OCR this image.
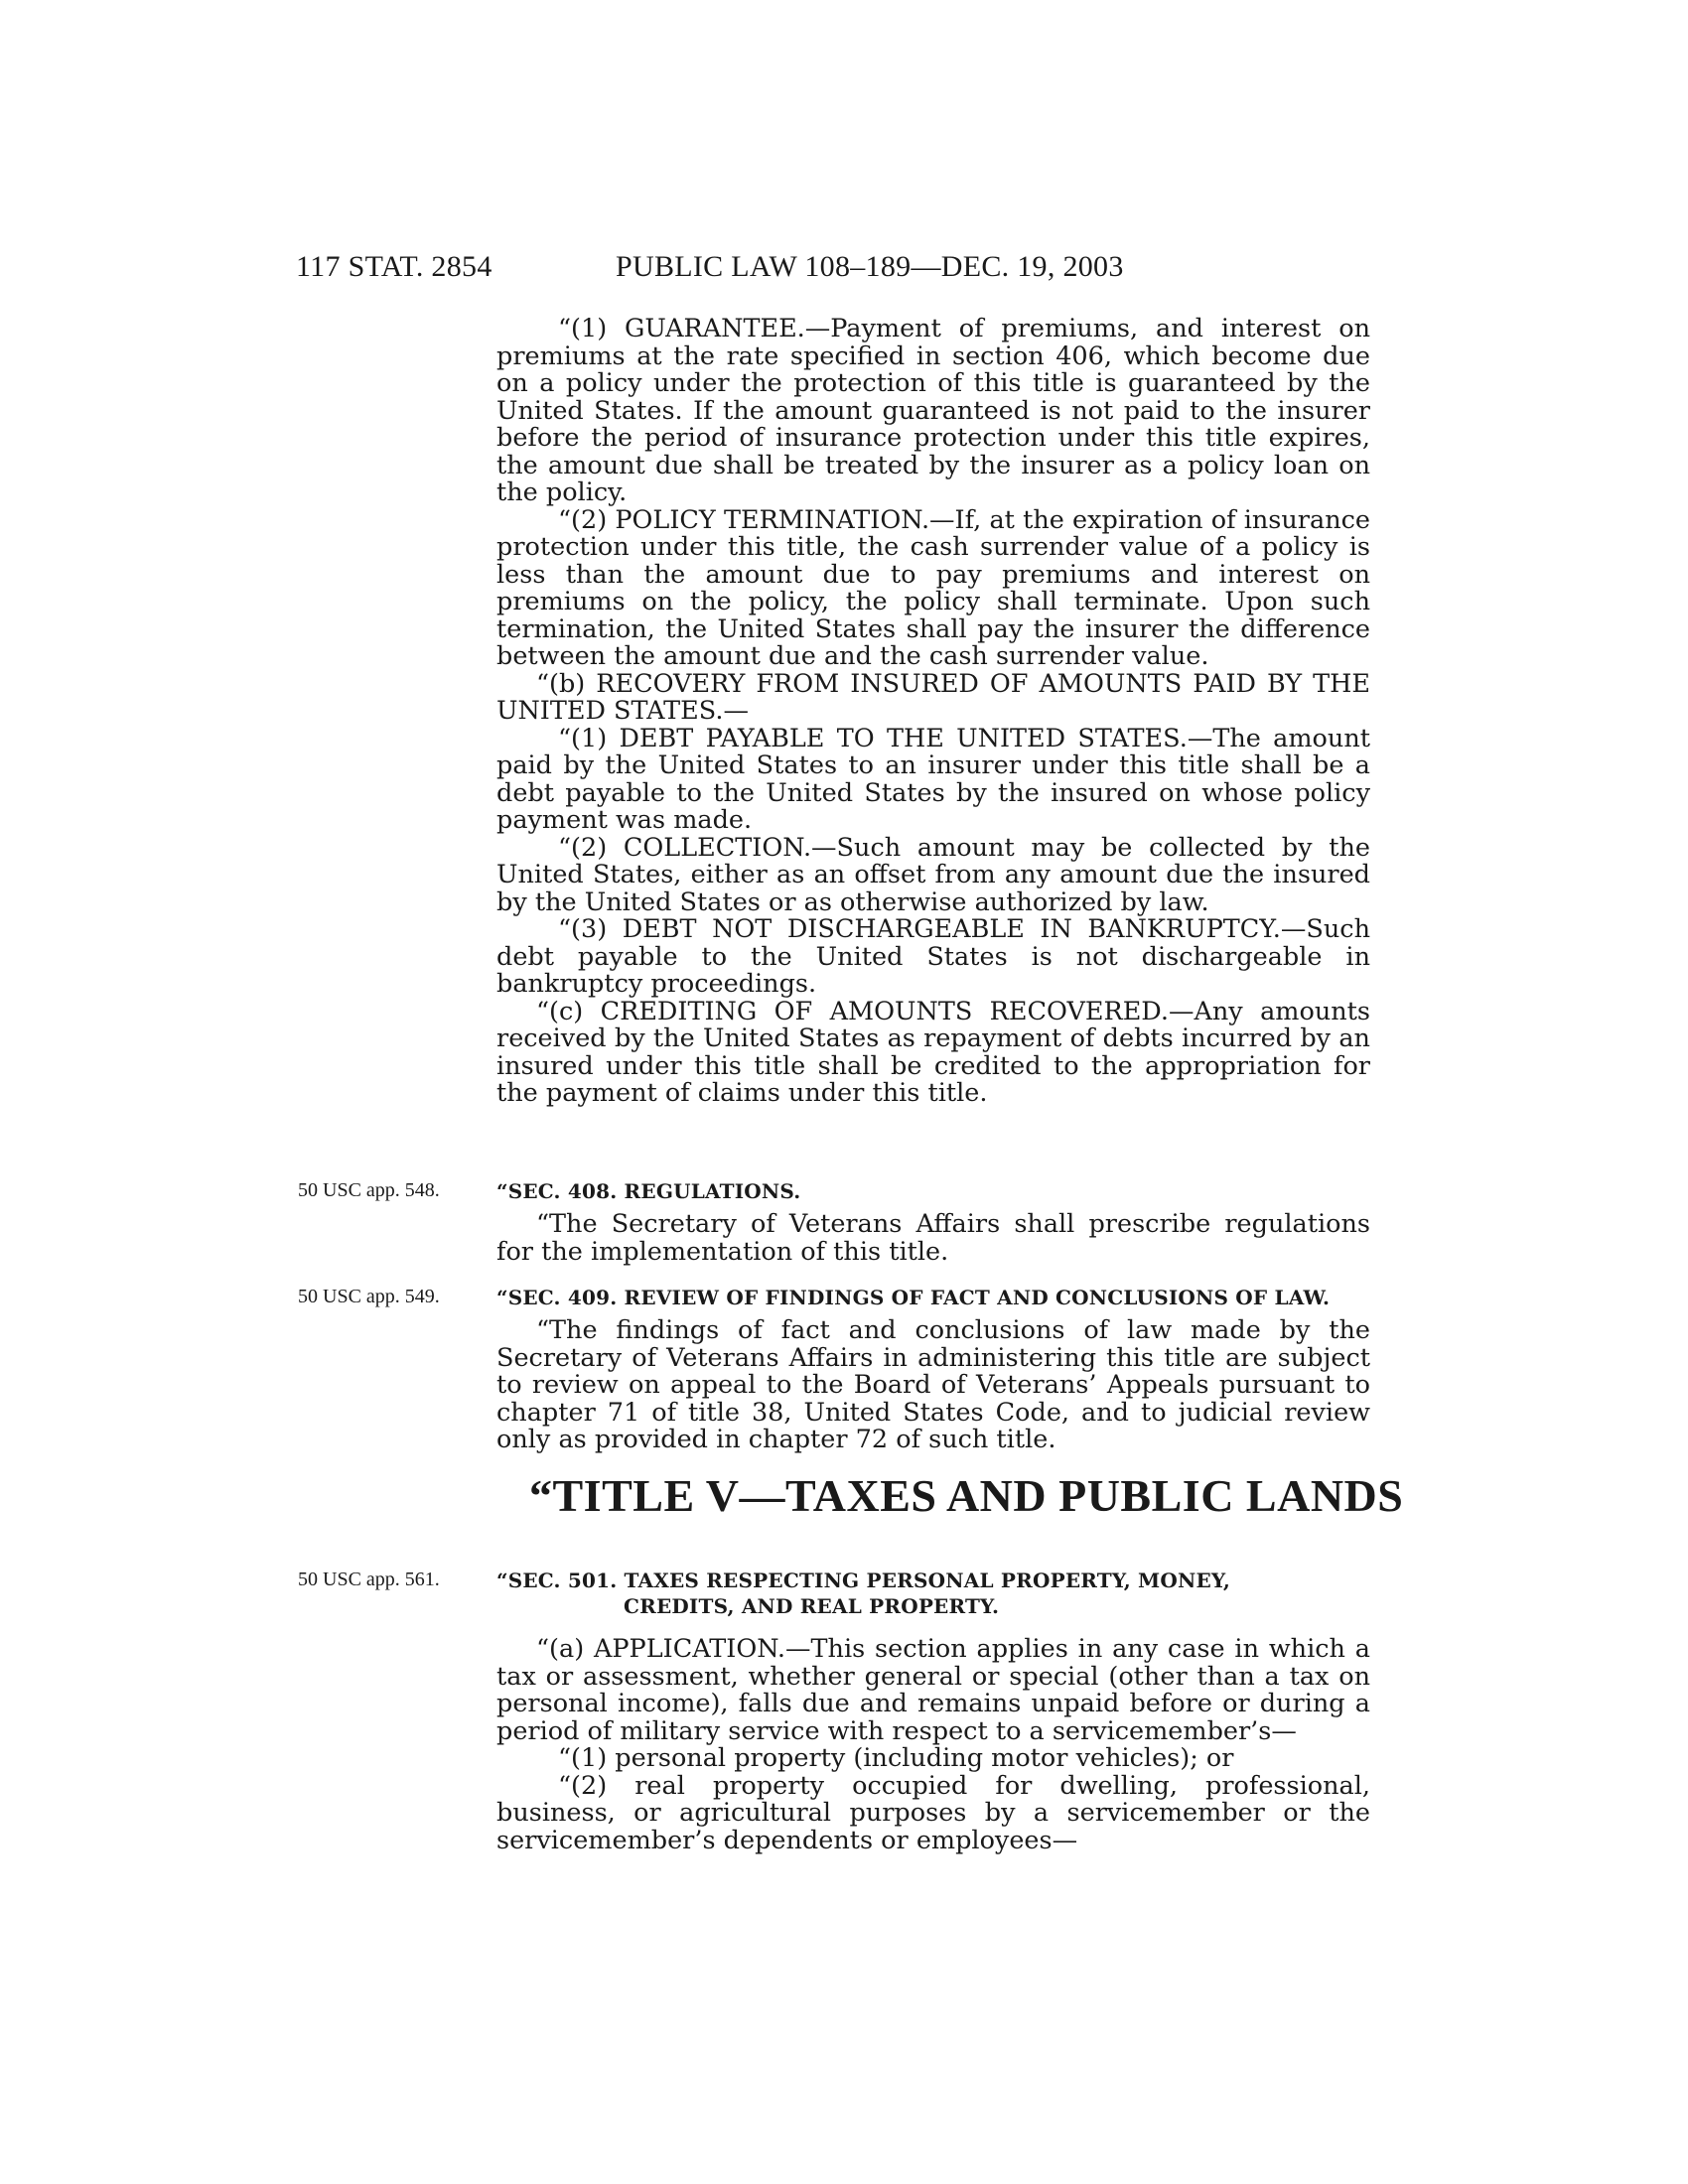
117 STAT. 2854	PUBLIC LAW 108–189—DEC. 19, 2003

“(1) GUARANTEE.—Payment of premiums, and interest on premiums at the rate specified in section 406, which become due on a policy under the protection of this title is guaranteed by the United States. If the amount guaranteed is not paid to the insurer before the period of insurance protection under this title expires, the amount due shall be treated by the insurer as a policy loan on the policy.

“(2) POLICY TERMINATION.—If, at the expiration of insurance protection under this title, the cash surrender value of a policy is less than the amount due to pay premiums and interest on premiums on the policy, the policy shall terminate. Upon such termination, the United States shall pay the insurer the difference between the amount due and the cash surrender value.

“(b) RECOVERY FROM INSURED OF AMOUNTS PAID BY THE UNITED STATES.—

“(1) DEBT PAYABLE TO THE UNITED STATES.—The amount paid by the United States to an insurer under this title shall be a debt payable to the United States by the insured on whose policy payment was made.

“(2) COLLECTION.—Such amount may be collected by the United States, either as an offset from any amount due the insured by the United States or as otherwise authorized by law.

“(3) DEBT NOT DISCHARGEABLE IN BANKRUPTCY.—Such debt payable to the United States is not dischargeable in bankruptcy proceedings.

“(c) CREDITING OF AMOUNTS RECOVERED.—Any amounts received by the United States as repayment of debts incurred by an insured under this title shall be credited to the appropriation for the payment of claims under this title.

50 USC app. 548.	“SEC. 408. REGULATIONS.

“The Secretary of Veterans Affairs shall prescribe regulations for the implementation of this title.

50 USC app. 549.	“SEC. 409. REVIEW OF FINDINGS OF FACT AND CONCLUSIONS OF LAW.

“The findings of fact and conclusions of law made by the Secretary of Veterans Affairs in administering this title are subject to review on appeal to the Board of Veterans’ Appeals pursuant to chapter 71 of title 38, United States Code, and to judicial review only as provided in chapter 72 of such title.

“TITLE V—TAXES AND PUBLIC LANDS
50 USC app. 561.	“SEC. 501. TAXES RESPECTING PERSONAL PROPERTY, MONEY,
CREDITS, AND REAL PROPERTY.

“(a) APPLICATION.—This section applies in any case in which a tax or assessment, whether general or special (other than a tax on personal income), falls due and remains unpaid before or during a period of military service with respect to a servicemember’s—

“(1) personal property (including motor vehicles); or

“(2) real property occupied for dwelling, professional, business, or agricultural purposes by a servicemember or the servicemember’s dependents or employees—
